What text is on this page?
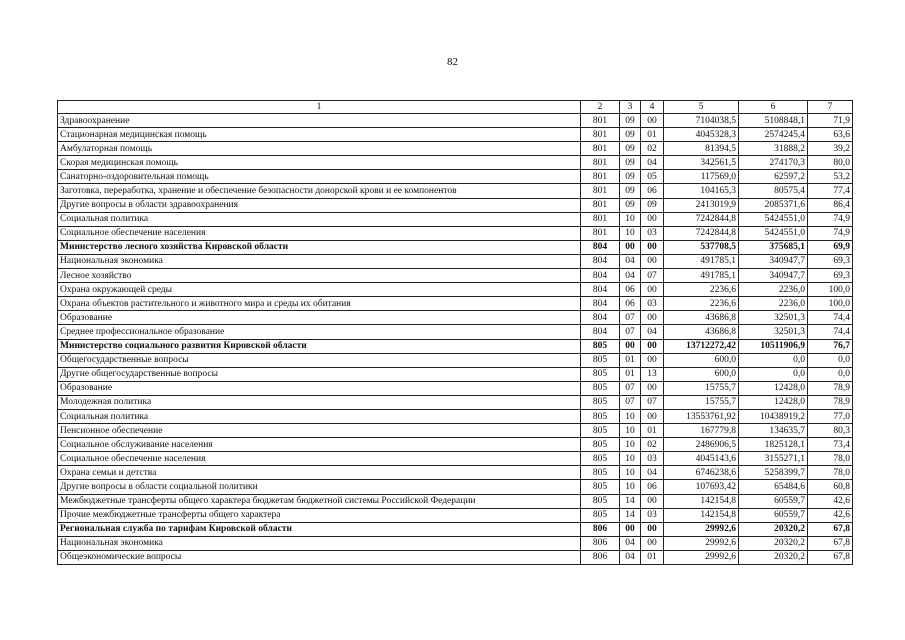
82
1	2	3	4	5	6	7
Здравоохранение	801	09	00	7104038,5	5108848,1	71,9
Стационарная медицинская помощь	801	09	01	4045328,3	2574245,4	63,6
Амбулаторная помощь	801	09	02	81394,5	31888,2	39,2
Скорая медицинская помощь	801	09	04	342561,5	274170,3	80,0
Санаторно-оздоровительная помощь	801	09	05	117569,0	62597,2	53,2
Заготовка, переработка, хранение и обеспечение безопасности донорской крови и ее компонентов	801	09	06	104165,3	80575,4	77,4
Другие вопросы в области здравоохранения	801	09	09	2413019,9	2085371,6	86,4
Социальная политика	801	10	00	7242844,8	5424551,0	74,9
Социальное обеспечение населения	801	10	03	7242844,8	5424551,0	74,9
Министерство лесного хозяйства Кировской области	804	00	00	537708,5	375685,1	69,9
Национальная экономика	804	04	00	491785,1	340947,7	69,3
Лесное хозяйство	804	04	07	491785,1	340947,7	69,3
Охрана окружающей среды	804	06	00	2236,6	2236,0	100,0
Охрана объектов растительного и животного мира и среды их обитания	804	06	03	2236,6	2236,0	100,0
Образование	804	07	00	43686,8	32501,3	74,4
Среднее профессиональное образование	804	07	04	43686,8	32501,3	74,4
Министерство социального развития Кировской области	805	00	00	13712272,42	10511906,9	76,7
Общегосударственные вопросы	805	01	00	600,0	0,0	0,0
Другие общегосударственные вопросы	805	01	13	600,0	0,0	0,0
Образование	805	07	00	15755,7	12428,0	78,9
Молодежная политика	805	07	07	15755,7	12428,0	78,9
Социальная политика	805	10	00	13553761,92	10438919,2	77,0
Пенсионное обеспечение	805	10	01	167779,8	134635,7	80,3
Социальное обслуживание населения	805	10	02	2486906,5	1825128,1	73,4
Социальное обеспечение населения	805	10	03	4045143,6	3155271,1	78,0
Охрана семьи и детства	805	10	04	6746238,6	5258399,7	78,0
Другие вопросы в области социальной политики	805	10	06	107693,42	65484,6	60,8
Межбюджетные трансферты общего характера бюджетам бюджетной системы Российской Федерации	805	14	00	142154,8	60559,7	42,6
Прочие межбюджетные трансферты общего характера	805	14	03	142154,8	60559,7	42,6
Региональная служба по тарифам Кировской области	806	00	00	29992,6	20320,2	67,8
Национальная экономика	806	04	00	29992,6	20320,2	67,8
Общеэкономические вопросы	806	04	01	29992,6	20320,2	67,8
